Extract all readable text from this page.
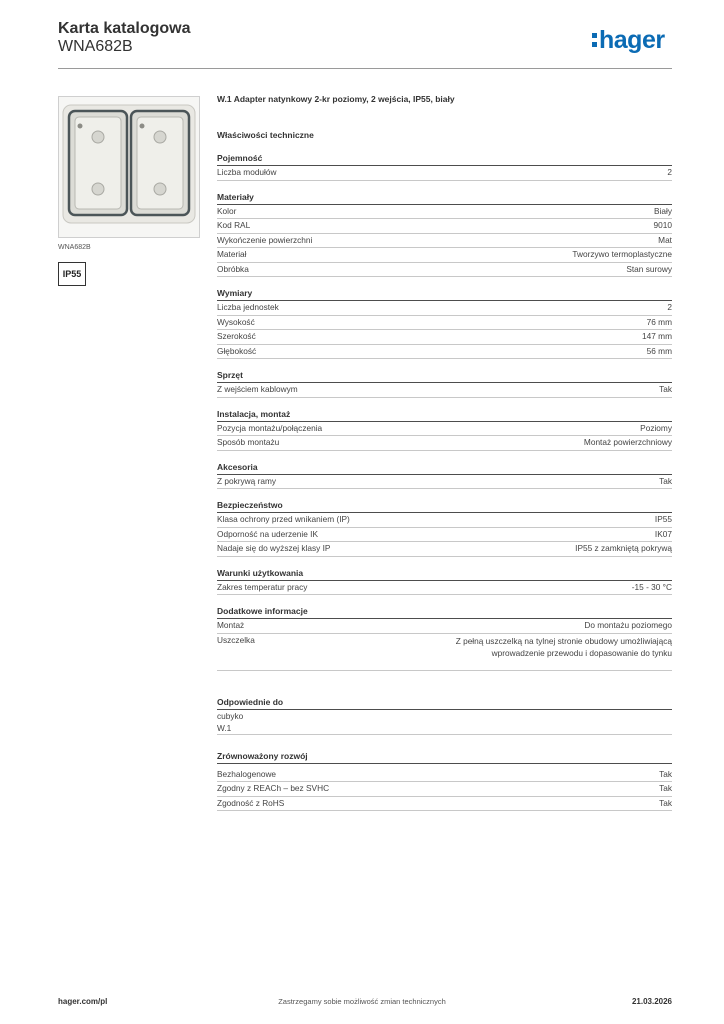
Karta katalogowa
WNA682B	hager
WNA682B
IP55
W.1 Adapter natynkowy 2-kr poziomy, 2 wejścia, IP55, biały
Właściwości techniczne
Pojemność
Liczba modułów	2
Materiały
Kolor	Biały
Kod RAL	9010
Wykończenie powierzchni	Mat
Materiał	Tworzywo termoplastyczne
Obróbka	Stan surowy
Wymiary
Liczba jednostek	2
Wysokość	76 mm
Szerokość	147 mm
Głębokość	56 mm
Sprzęt
Z wejściem kablowym	Tak
Instalacja, montaż
Pozycja montażu/połączenia	Poziomy
Sposób montażu	Montaż powierzchniowy
Akcesoria
Z pokrywą ramy	Tak
Bezpieczeństwo
Klasa ochrony przed wnikaniem (IP)	IP55
Odporność na uderzenie IK	IK07
Nadaje się do wyższej klasy IP	IP55 z zamkniętą pokrywą
Warunki użytkowania
Zakres temperatur pracy	-15 - 30 °C
Dodatkowe informacje
Montaż	Do montażu poziomego
Uszczelka	Z pełną uszczelką na tylnej stronie obudowy umożliwiającą wprowadzenie przewodu i dopasowanie do tynku
Odpowiednie do
cubyko
W.1
Zrównoważony rozwój
Bezhalogenowe	Tak
Zgodny z REACh – bez SVHC	Tak
Zgodność z RoHS	Tak
hager.com/pl	Zastrzegamy sobie możliwość zmian technicznych	21.03.2026
